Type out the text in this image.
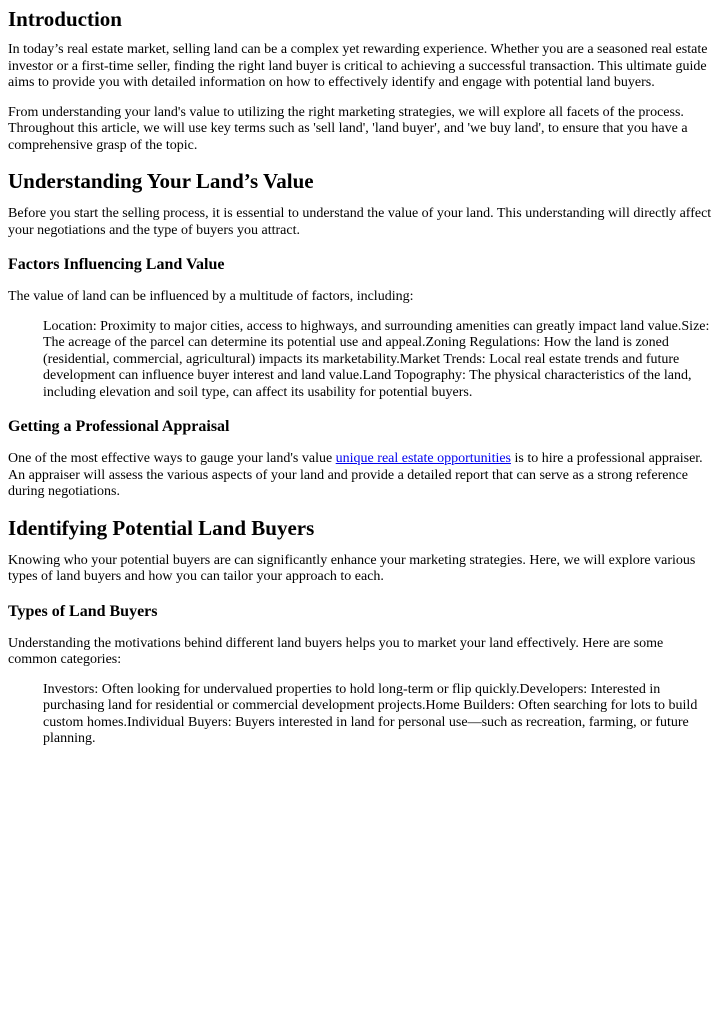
Introduction

In today’s real estate market, selling land can be a complex yet rewarding experience. Whether you are a seasoned real estate investor or a first-time seller, finding the right land buyer is critical to achieving a successful transaction. This ultimate guide aims to provide you with detailed information on how to effectively identify and engage with potential land buyers.

From understanding your land's value to utilizing the right marketing strategies, we will explore all facets of the process. Throughout this article, we will use key terms such as 'sell land', 'land buyer', and 'we buy land', to ensure that you have a comprehensive grasp of the topic.

Understanding Your Land’s Value

Before you start the selling process, it is essential to understand the value of your land. This understanding will directly affect your negotiations and the type of buyers you attract.

Factors Influencing Land Value

The value of land can be influenced by a multitude of factors, including:

Location: Proximity to major cities, access to highways, and surrounding amenities can greatly impact land value.Size: The acreage of the parcel can determine its potential use and appeal.Zoning Regulations: How the land is zoned (residential, commercial, agricultural) impacts its marketability.Market Trends: Local real estate trends and future development can influence buyer interest and land value.Land Topography: The physical characteristics of the land, including elevation and soil type, can affect its usability for potential buyers.
Getting a Professional Appraisal

One of the most effective ways to gauge your land's value unique real estate opportunities is to hire a professional appraiser. An appraiser will assess the various aspects of your land and provide a detailed report that can serve as a strong reference during negotiations.

Identifying Potential Land Buyers

Knowing who your potential buyers are can significantly enhance your marketing strategies. Here, we will explore various types of land buyers and how you can tailor your approach to each.

Types of Land Buyers

Understanding the motivations behind different land buyers helps you to market your land effectively. Here are some common categories:

Investors: Often looking for undervalued properties to hold long-term or flip quickly.Developers: Interested in purchasing land for residential or commercial development projects.Home Builders: Often searching for lots to build custom homes.Individual Buyers: Buyers interested in land for personal use—such as recreation, farming, or future planning.
